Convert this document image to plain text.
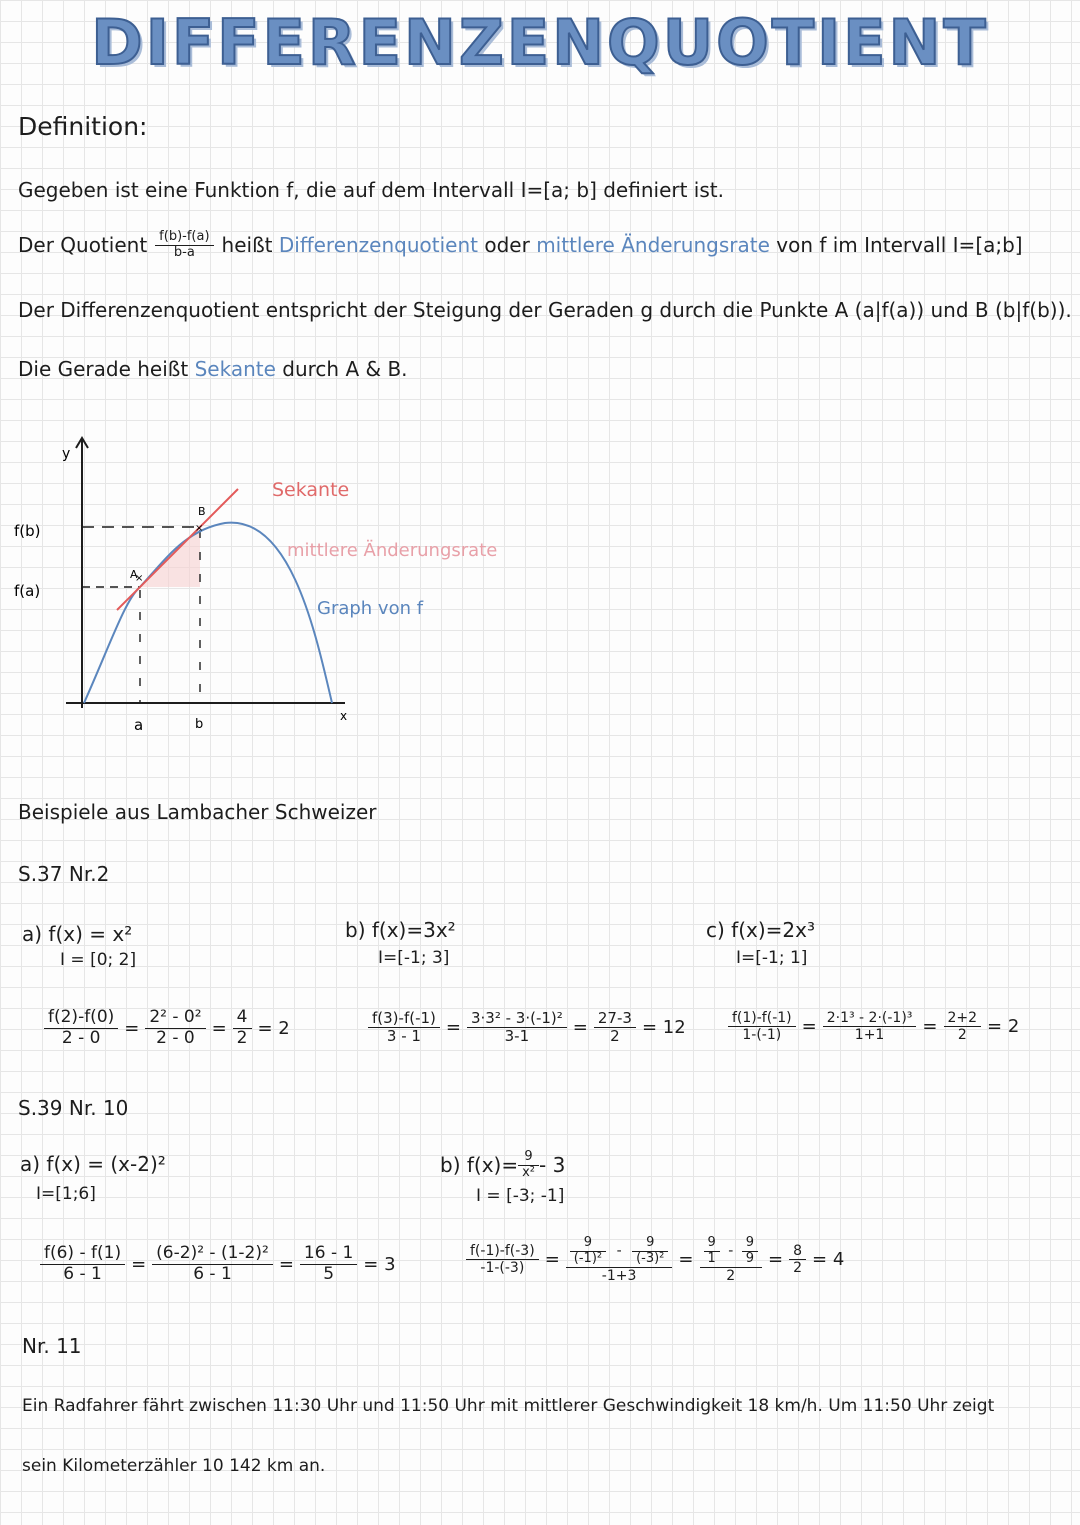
DIFFERENZENQUOTIENT
Definition:
Gegeben ist eine Funktion f, die auf dem Intervall I=[a; b] definiert ist.
Der Quotient $\frac{f(b)-f(a)}{b-a}$ heißt
Differenzenquotient
oder
mittlere Änderungsrate
von f im Intervall I=[a;b]
Der Differenzenquotient entspricht der Steigung der Geraden g durch die Punkte A (a|f(a)) und B (b|f(b)).
Die Gerade heißt Sekante durch A & B.
y
x
×
×
A
B
f(b)
f(a)
a	b
Sekante
mittlere Änderungsrate
Graph von f
Beispiele aus Lambacher Schweizer
S.37 Nr.2
a) f(x) = x²
I = [0; 2]
$\frac{f(2)-f(0)}{2 - 0} = \frac{\text{2² - 0²}}{2 - 0} = \frac{4}{2} = 2$
b) f(x)=3x²
I=[-1; 3]
$\frac{f(3)-f(-1)}{3 - 1} = \frac{\text{3·3² - 3·(-1)²}}{3-1} = \frac{27-3}{2} = 12$
c) f(x)=2x³
I=[-1; 1]
$\frac{f(1)-f(-1)}{1-(-1)} = \frac{\text{2·1³ - 2·(-1)³}}{1+1} = \frac{2+2}{2} = 2$
S.39 Nr. 10
a) f(x) = (x-2)²
I=[1;6]
$\frac{f(6) - f(1)}{6 - 1} = \frac{\text{(6-2)² - (1-2)²}}{6 - 1} = \frac{16 - 1}{5} = 3$
b) $f(x)= \frac{9}{\text{x²}} - 3$
I = [-3; -1]
$\frac{f(-1)-f(-3)}{-1-(-3)} = \frac{\frac{9}{\text{(-1)²}} - \frac{9}{\text{(-3)²}}}{-1+3} = \frac{\frac{9}{1} - \frac{9}{9}}{2} = \frac{8}{2} = 4$
Nr. 11
Ein Radfahrer fährt zwischen 11:30 Uhr und 11:50 Uhr mit mittlerer Geschwindigkeit 18 km/h. Um 11:50 Uhr zeigt
sein Kilometerzähler 10 142 km an.
